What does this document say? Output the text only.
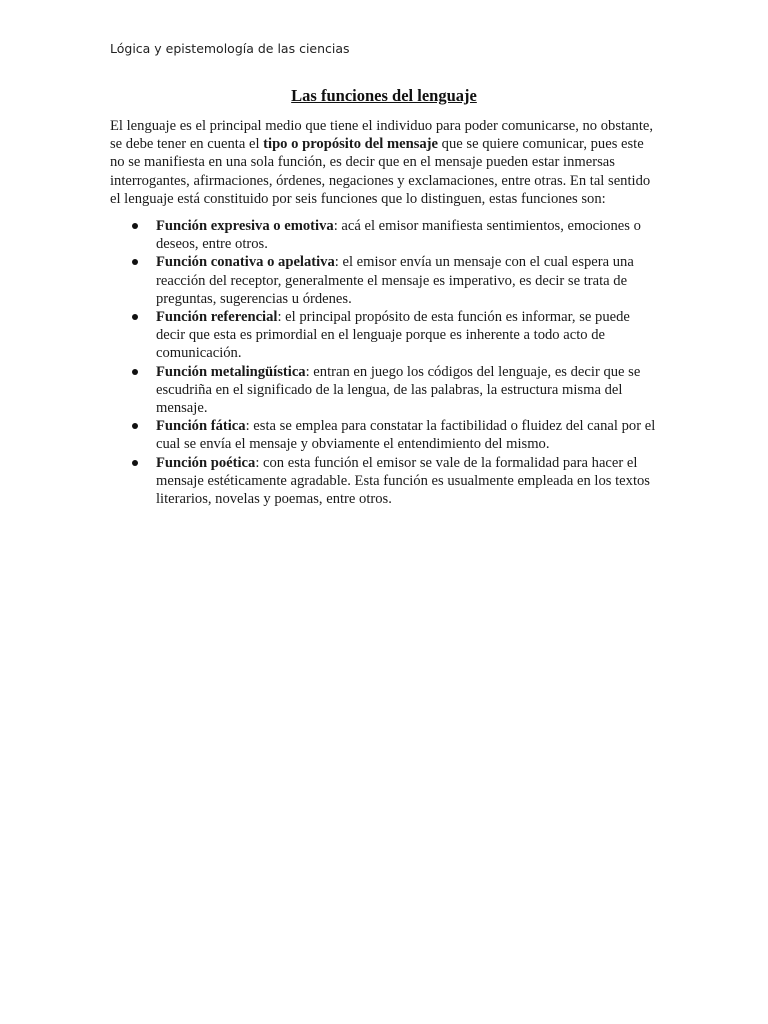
Lógica y epistemología de las ciencias
Las funciones del lenguaje

El lenguaje es el principal medio que tiene el individuo para poder comunicarse, no obstante, se debe tener en cuenta el tipo o propósito del mensaje que se quiere comunicar, pues este no se manifiesta en una sola función, es decir que en el mensaje pueden estar inmersas interrogantes, afirmaciones, órdenes, negaciones y exclamaciones, entre otras. En tal sentido el lenguaje está constituido por seis funciones que lo distinguen, estas funciones son:

Función expresiva o emotiva: acá el emisor manifiesta sentimientos, emociones o deseos, entre otros.
Función conativa o apelativa: el emisor envía un mensaje con el cual espera una reacción del receptor, generalmente el mensaje es imperativo, es decir se trata de preguntas, sugerencias u órdenes.
Función referencial: el principal propósito de esta función es informar, se puede decir que esta es primordial en el lenguaje porque es inherente a todo acto de comunicación.
Función metalingüística: entran en juego los códigos del lenguaje, es decir que se escudriña en el significado de la lengua, de las palabras, la estructura misma del mensaje.
Función fática: esta se emplea para constatar la factibilidad o fluidez del canal por el cual se envía el mensaje y obviamente el entendimiento del mismo.
Función poética: con esta función el emisor se vale de la formalidad para hacer el mensaje estéticamente agradable. Esta función es usualmente empleada en los textos literarios, novelas y poemas, entre otros.
